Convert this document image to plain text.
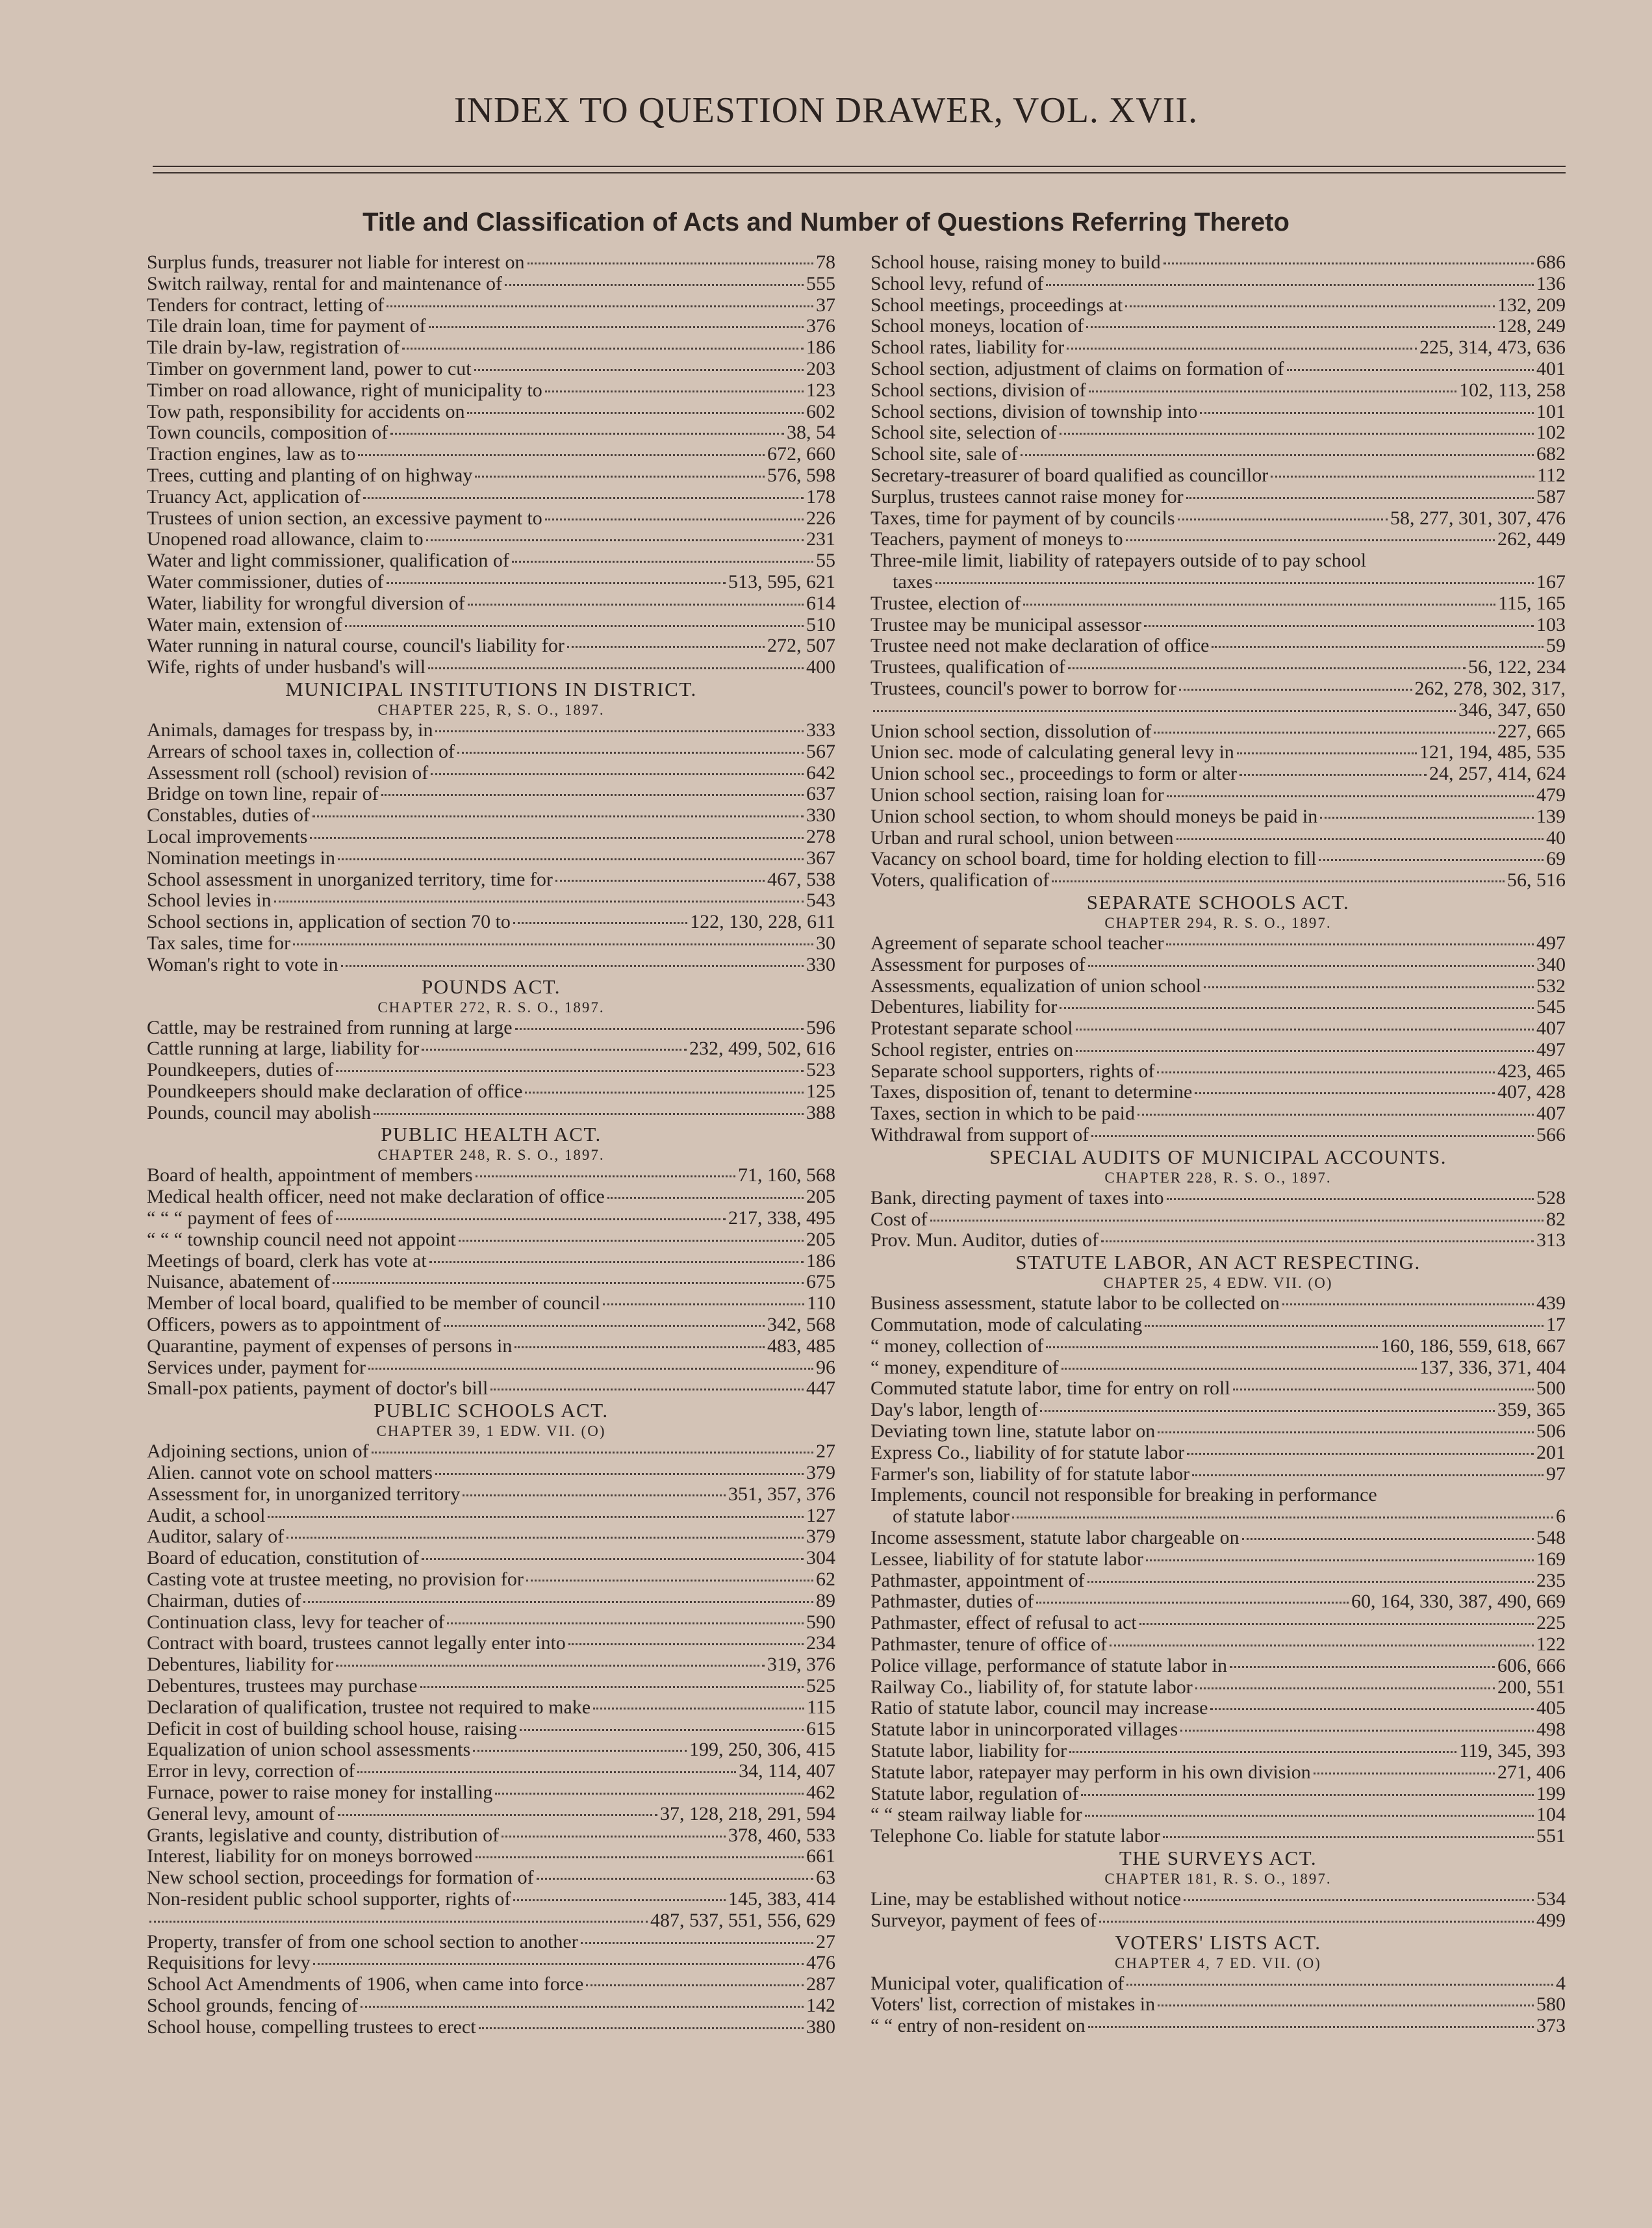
INDEX TO QUESTION DRAWER, VOL. XVII.
Title and Classification of Acts and Number of Questions Referring Thereto
Surplus funds, treasurer not liable for interest on	78
Switch railway, rental for and maintenance of	555
Tenders for contract, letting of	37
Tile drain loan, time for payment of	376
Tile drain by-law, registration of	186
Timber on government land, power to cut	203
Timber on road allowance, right of municipality to	123
Tow path, responsibility for accidents on	602
Town councils, composition of	38, 54
Traction engines, law as to	672, 660
Trees, cutting and planting of on highway	576, 598
Truancy Act, application of	178
Trustees of union section, an excessive payment to	226
Unopened road allowance, claim to	231
Water and light commissioner, qualification of	55
Water commissioner, duties of	513, 595, 621
Water, liability for wrongful diversion of	614
Water main, extension of	510
Water running in natural course, council's liability for	272, 507
Wife, rights of under husband's will	400
MUNICIPAL INSTITUTIONS IN DISTRICT.
CHAPTER 225, R, S. O., 1897.
Animals, damages for trespass by, in	333
Arrears of school taxes in, collection of	567
Assessment roll (school) revision of	642
Bridge on town line, repair of	637
Constables, duties of	330
Local improvements	278
Nomination meetings in	367
School assessment in unorganized territory, time for	467, 538
School levies in	543
School sections in, application of section 70 to	122, 130, 228, 611
Tax sales, time for	30
Woman's right to vote in	330
POUNDS ACT.
CHAPTER 272, R. S. O., 1897.
Cattle, may be restrained from running at large	596
Cattle running at large, liability for	232, 499, 502, 616
Poundkeepers, duties of	523
Poundkeepers should make declaration of office	125
Pounds, council may abolish	388
PUBLIC HEALTH ACT.
CHAPTER 248, R. S. O., 1897.
Board of health, appointment of members	71, 160, 568
Medical health officer, need not make declaration of office	205
“ “ “ payment of fees of	217, 338, 495
“ “ “ township council need not appoint	205
Meetings of board, clerk has vote at	186
Nuisance, abatement of	675
Member of local board, qualified to be member of council	110
Officers, powers as to appointment of	342, 568
Quarantine, payment of expenses of persons in	483, 485
Services under, payment for	96
Small-pox patients, payment of doctor's bill	447
PUBLIC SCHOOLS ACT.
CHAPTER 39, 1 EDW. VII. (O)
Adjoining sections, union of	27
Alien. cannot vote on school matters	379
Assessment for, in unorganized territory	351, 357, 376
Audit, a school	127
Auditor, salary of	379
Board of education, constitution of	304
Casting vote at trustee meeting, no provision for	62
Chairman, duties of	89
Continuation class, levy for teacher of	590
Contract with board, trustees cannot legally enter into	234
Debentures, liability for	319, 376
Debentures, trustees may purchase	525
Declaration of qualification, trustee not required to make	115
Deficit in cost of building school house, raising	615
Equalization of union school assessments	199, 250, 306, 415
Error in levy, correction of	34, 114, 407
Furnace, power to raise money for installing	462
General levy, amount of	37, 128, 218, 291, 594
Grants, legislative and county, distribution of	378, 460, 533
Interest, liability for on moneys borrowed	661
New school section, proceedings for formation of	63
Non-resident public school supporter, rights of	145, 383, 414
487, 537, 551, 556, 629
Property, transfer of from one school section to another	27
Requisitions for levy	476
School Act Amendments of 1906, when came into force	287
School grounds, fencing of	142
School house, compelling trustees to erect	380
School house, raising money to build	686
School levy, refund of	136
School meetings, proceedings at	132, 209
School moneys, location of	128, 249
School rates, liability for	225, 314, 473, 636
School section, adjustment of claims on formation of	401
School sections, division of	102, 113, 258
School sections, division of township into	101
School site, selection of	102
School site, sale of	682
Secretary-treasurer of board qualified as councillor	112
Surplus, trustees cannot raise money for	587
Taxes, time for payment of by councils	58, 277, 301, 307, 476
Teachers, payment of moneys to	262, 449
Three-mile limit, liability of ratepayers outside of to pay school
taxes	167
Trustee, election of	115, 165
Trustee may be municipal assessor	103
Trustee need not make declaration of office	59
Trustees, qualification of	56, 122, 234
Trustees, council's power to borrow for	262, 278, 302, 317,
346, 347, 650
Union school section, dissolution of	227, 665
Union sec. mode of calculating general levy in	121, 194, 485, 535
Union school sec., proceedings to form or alter	24, 257, 414, 624
Union school section, raising loan for	479
Union school section, to whom should moneys be paid in	139
Urban and rural school, union between	40
Vacancy on school board, time for holding election to fill	69
Voters, qualification of	56, 516
SEPARATE SCHOOLS ACT.
CHAPTER 294, R. S. O., 1897.
Agreement of separate school teacher	497
Assessment for purposes of	340
Assessments, equalization of union school	532
Debentures, liability for	545
Protestant separate school	407
School register, entries on	497
Separate school supporters, rights of	423, 465
Taxes, disposition of, tenant to determine	407, 428
Taxes, section in which to be paid	407
Withdrawal from support of	566
SPECIAL AUDITS OF MUNICIPAL ACCOUNTS.
CHAPTER 228, R. S. O., 1897.
Bank, directing payment of taxes into	528
Cost of	82
Prov. Mun. Auditor, duties of	313
STATUTE LABOR, AN ACT RESPECTING.
CHAPTER 25, 4 EDW. VII. (O)
Business assessment, statute labor to be collected on	439
Commutation, mode of calculating	17
“ money, collection of	160, 186, 559, 618, 667
“ money, expenditure of	137, 336, 371, 404
Commuted statute labor, time for entry on roll	500
Day's labor, length of	359, 365
Deviating town line, statute labor on	506
Express Co., liability of for statute labor	201
Farmer's son, liability of for statute labor	97
Implements, council not responsible for breaking in performance
of statute labor	6
Income assessment, statute labor chargeable on	548
Lessee, liability of for statute labor	169
Pathmaster, appointment of	235
Pathmaster, duties of	60, 164, 330, 387, 490, 669
Pathmaster, effect of refusal to act	225
Pathmaster, tenure of office of	122
Police village, performance of statute labor in	606, 666
Railway Co., liability of, for statute labor	200, 551
Ratio of statute labor, council may increase	405
Statute labor in unincorporated villages	498
Statute labor, liability for	119, 345, 393
Statute labor, ratepayer may perform in his own division	271, 406
Statute labor, regulation of	199
“ “ steam railway liable for	104
Telephone Co. liable for statute labor	551
THE SURVEYS ACT.
CHAPTER 181, R. S. O., 1897.
Line, may be established without notice	534
Surveyor, payment of fees of	499
VOTERS' LISTS ACT.
CHAPTER 4, 7 ED. VII. (O)
Municipal voter, qualification of	4
Voters' list, correction of mistakes in	580
“ “ entry of non-resident on	373
